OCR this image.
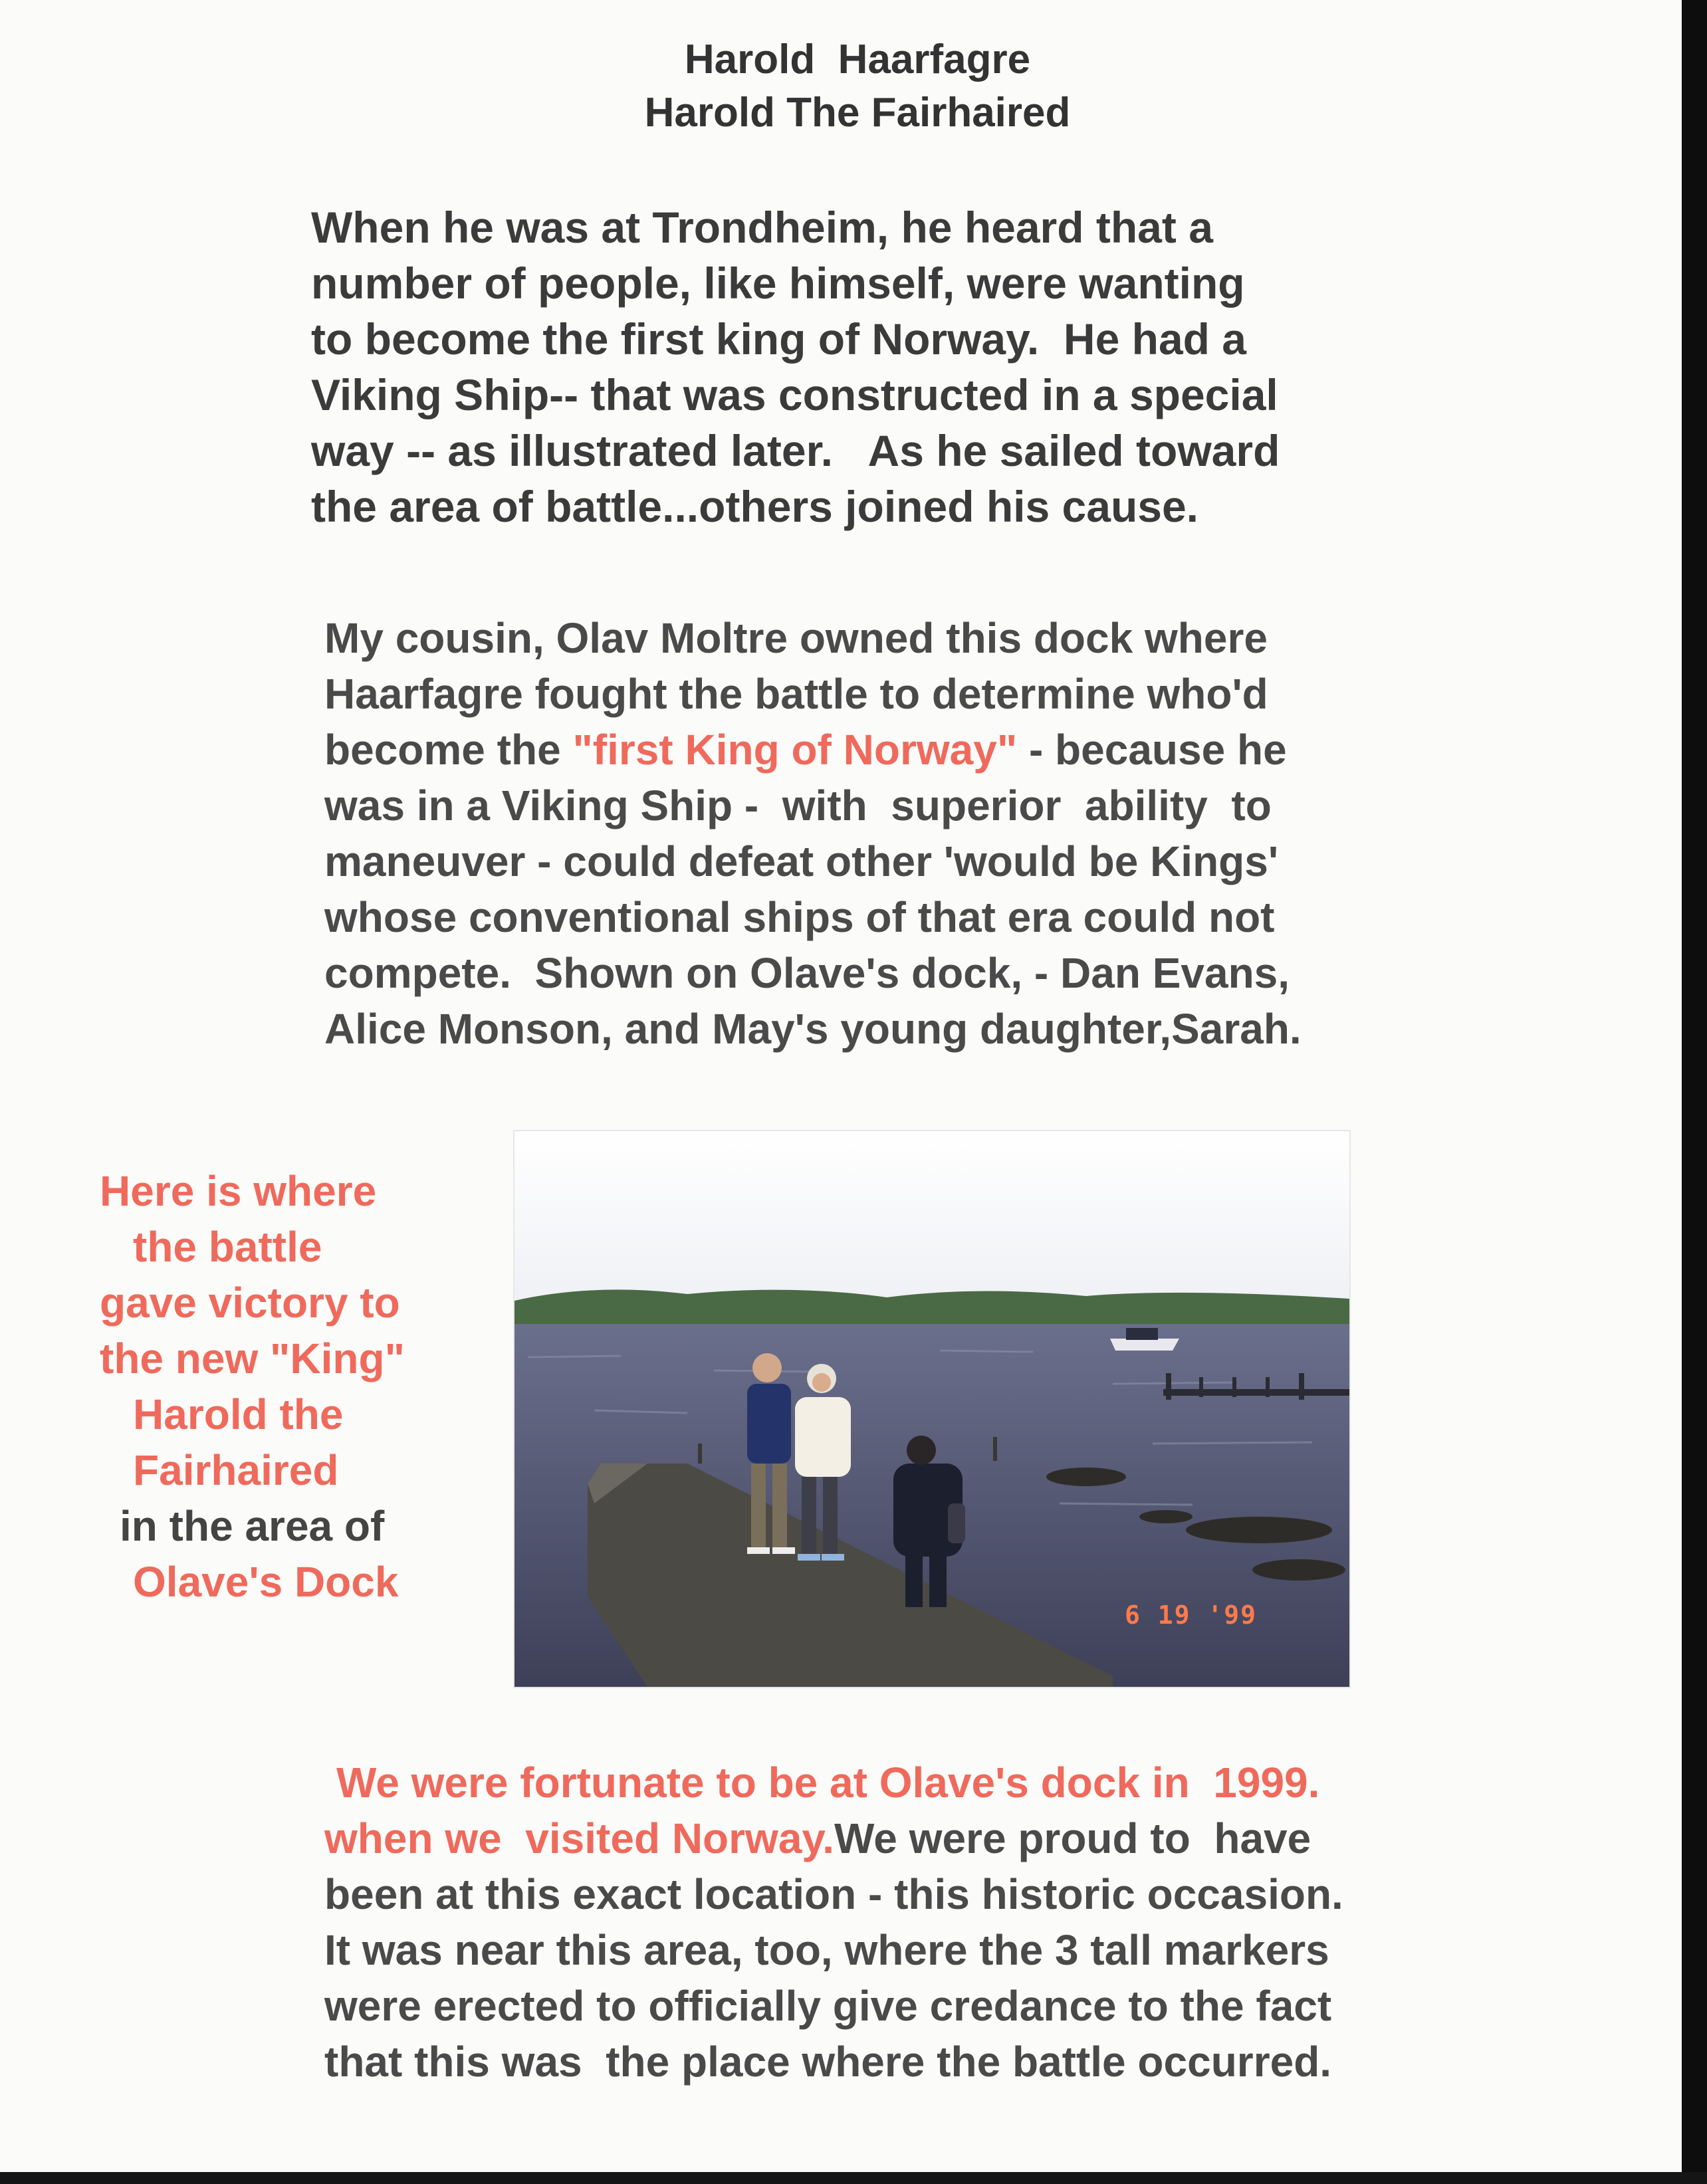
Harold  Haarfagre
Harold The Fairhaired
When he was at Trondheim, he heard that a
number of people, like himself, were wanting
to become the first king of Norway.  He had a
Viking Ship-- that was constructed in a special
way -- as illustrated later.   As he sailed toward
the area of battle...others joined his cause.
My cousin, Olav Moltre owned this dock where
Haarfagre fought the battle to determine who'd
become the "first King of Norway" - because he
was in a Viking Ship -  with  superior  ability  to
maneuver - could defeat other 'would be Kings'
whose conventional ships of that era could not
compete.  Shown on Olave's dock, - Dan Evans,
Alice Monson, and May's young daughter,Sarah.
Here is where
the battle
gave victory to
the new "King"
Harold the
Fairhaired
in the area of
Olave's Dock
6 19 '99
We were fortunate to be at Olave's dock in  1999.
when we  visited Norway.We were proud to  have
been at this exact location - this historic occasion.
It was near this area, too, where the 3 tall markers
were erected to officially give credance to the fact
that this was  the place where the battle occurred.
